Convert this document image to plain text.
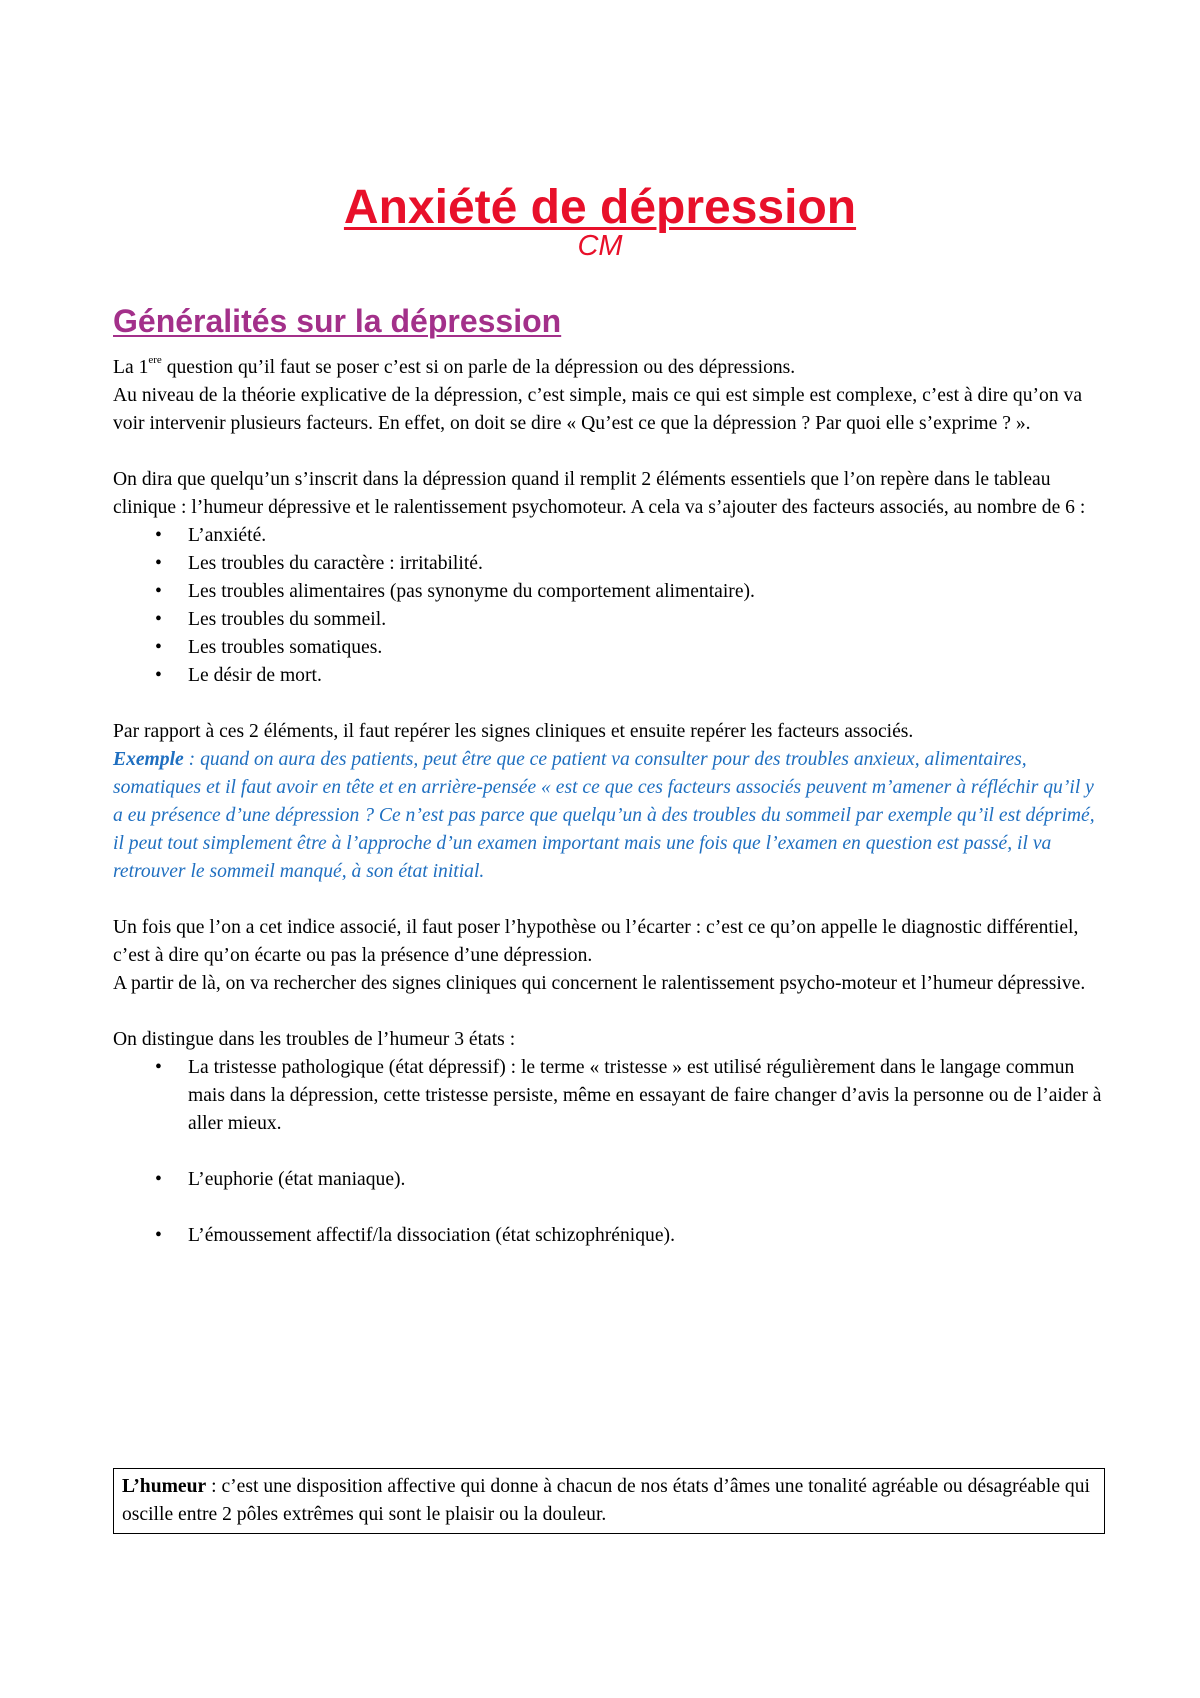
Anxiété de dépression
CM
Généralités sur la dépression

La 1ere question qu’il faut se poser c’est si on parle de la dépression ou des dépressions.

Au niveau de la théorie explicative de la dépression, c’est simple, mais ce qui est simple est complexe, c’est à dire qu’on va voir intervenir plusieurs facteurs. En effet, on doit se dire « Qu’est ce que la dépression ? Par quoi elle s’exprime ? ».

On dira que quelqu’un s’inscrit dans la dépression quand il remplit 2 éléments essentiels que l’on repère dans le tableau clinique : l’humeur dépressive et le ralentissement psychomoteur. A cela va s’ajouter des facteurs associés, au nombre de 6 :

• L’anxiété.
• Les troubles du caractère : irritabilité.
• Les troubles alimentaires (pas synonyme du comportement alimentaire).
• Les troubles du sommeil.
• Les troubles somatiques.
• Le désir de mort.

Par rapport à ces 2 éléments, il faut repérer les signes cliniques et ensuite repérer les facteurs associés.

Exemple : quand on aura des patients, peut être que ce patient va consulter pour des troubles anxieux, alimentaires, somatiques et il faut avoir en tête et en arrière-pensée « est ce que ces facteurs associés peuvent m’amener à réfléchir qu’il y a eu présence d’une dépression ? Ce n’est pas parce que quelqu’un à des troubles du sommeil par exemple qu’il est déprimé, il peut tout simplement être à l’approche d’un examen important mais une fois que l’examen en question est passé, il va retrouver le sommeil manqué, à son état initial.

Un fois que l’on a cet indice associé, il faut poser l’hypothèse ou l’écarter : c’est ce qu’on appelle le diagnostic différentiel, c’est à dire qu’on écarte ou pas la présence d’une dépression.

A partir de là, on va rechercher des signes cliniques qui concernent le ralentissement psycho-moteur et l’humeur dépressive.

On distingue dans les troubles de l’humeur 3 états :

• La tristesse pathologique (état dépressif) : le terme « tristesse » est utilisé régulièrement dans le langage commun mais dans la dépression, cette tristesse persiste, même en essayant de faire changer d’avis la personne ou de l’aider à aller mieux.
• L’euphorie (état maniaque).
• L’émoussement affectif/la dissociation (état schizophrénique).
L’humeur : c’est une disposition affective qui donne à chacun de nos états d’âmes une tonalité agréable ou désagréable qui oscille entre 2 pôles extrêmes qui sont le plaisir ou la douleur.
